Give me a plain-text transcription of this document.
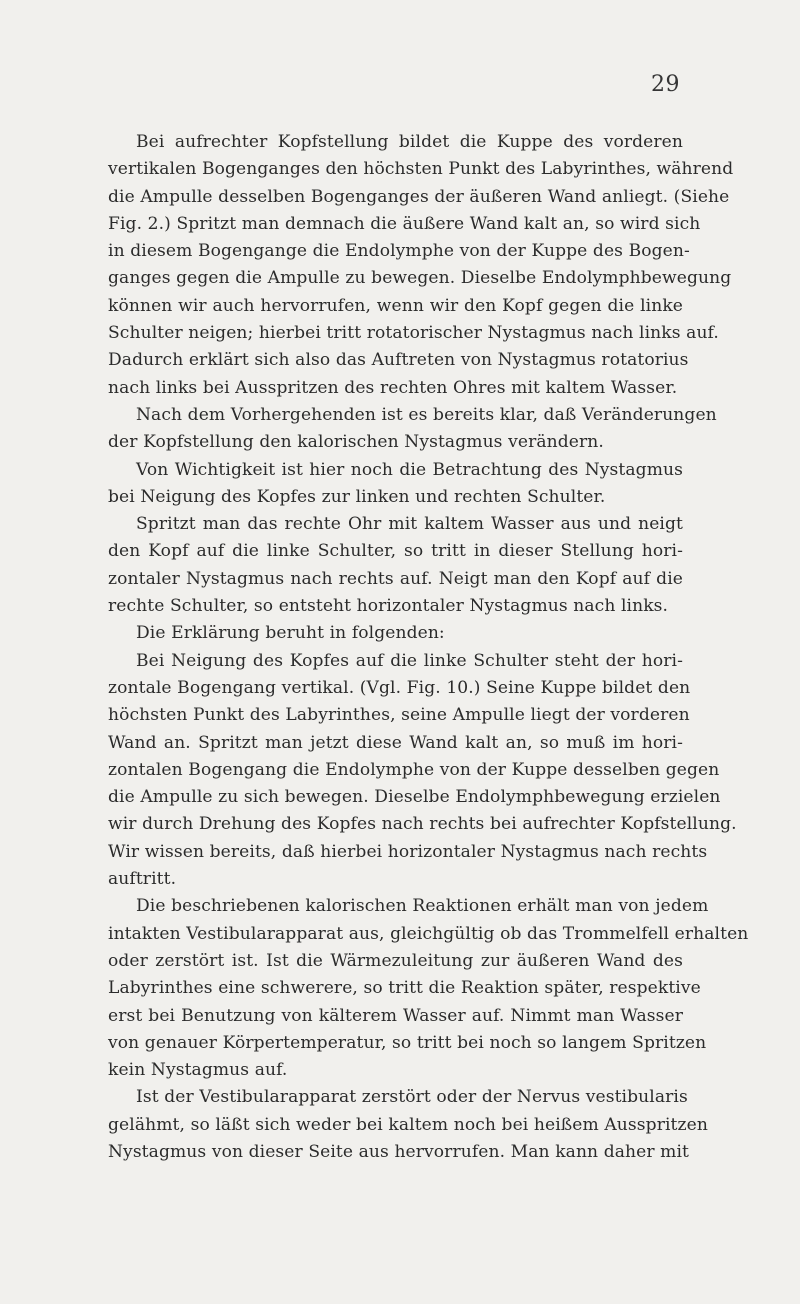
29

Bei aufrechter Kopfstellung bildet die Kuppe des vorderen
vertikalen Bogenganges den höchsten Punkt des Labyrinthes, während
die Ampulle desselben Bogenganges der äußeren Wand anliegt. (Siehe
Fig. 2.) Spritzt man demnach die äußere Wand kalt an, so wird sich
in diesem Bogengange die Endolymphe von der Kuppe des Bogen-
ganges gegen die Ampulle zu bewegen. Dieselbe Endolymphbewegung
können wir auch hervorrufen, wenn wir den Kopf gegen die linke
Schulter neigen; hierbei tritt rotatorischer Nystagmus nach links auf.
Dadurch erklärt sich also das Auftreten von Nystagmus rotatorius
nach links bei Ausspritzen des rechten Ohres mit kaltem Wasser.

Nach dem Vorhergehenden ist es bereits klar, daß Veränderungen
der Kopfstellung den kalorischen Nystagmus verändern.

Von Wichtigkeit ist hier noch die Betrachtung des Nystagmus
bei Neigung des Kopfes zur linken und rechten Schulter.

Spritzt man das rechte Ohr mit kaltem Wasser aus und neigt
den Kopf auf die linke Schulter, so tritt in dieser Stellung hori-
zontaler Nystagmus nach rechts auf. Neigt man den Kopf auf die
rechte Schulter, so entsteht horizontaler Nystagmus nach links.

Die Erklärung beruht in folgenden:

Bei Neigung des Kopfes auf die linke Schulter steht der hori-
zontale Bogengang vertikal. (Vgl. Fig. 10.) Seine Kuppe bildet den
höchsten Punkt des Labyrinthes, seine Ampulle liegt der vorderen
Wand an. Spritzt man jetzt diese Wand kalt an, so muß im hori-
zontalen Bogengang die Endolymphe von der Kuppe desselben gegen
die Ampulle zu sich bewegen. Dieselbe Endolymphbewegung erzielen
wir durch Drehung des Kopfes nach rechts bei aufrechter Kopfstellung.
Wir wissen bereits, daß hierbei horizontaler Nystagmus nach rechts
auftritt.

Die beschriebenen kalorischen Reaktionen erhält man von jedem
intakten Vestibularapparat aus, gleichgültig ob das Trommelfell erhalten
oder zerstört ist. Ist die Wärmezuleitung zur äußeren Wand des
Labyrinthes eine schwerere, so tritt die Reaktion später, respektive
erst bei Benutzung von kälterem Wasser auf. Nimmt man Wasser
von genauer Körpertemperatur, so tritt bei noch so langem Spritzen
kein Nystagmus auf.

Ist der Vestibularapparat zerstört oder der Nervus vestibularis
gelähmt, so läßt sich weder bei kaltem noch bei heißem Ausspritzen
Nystagmus von dieser Seite aus hervorrufen. Man kann daher mit
